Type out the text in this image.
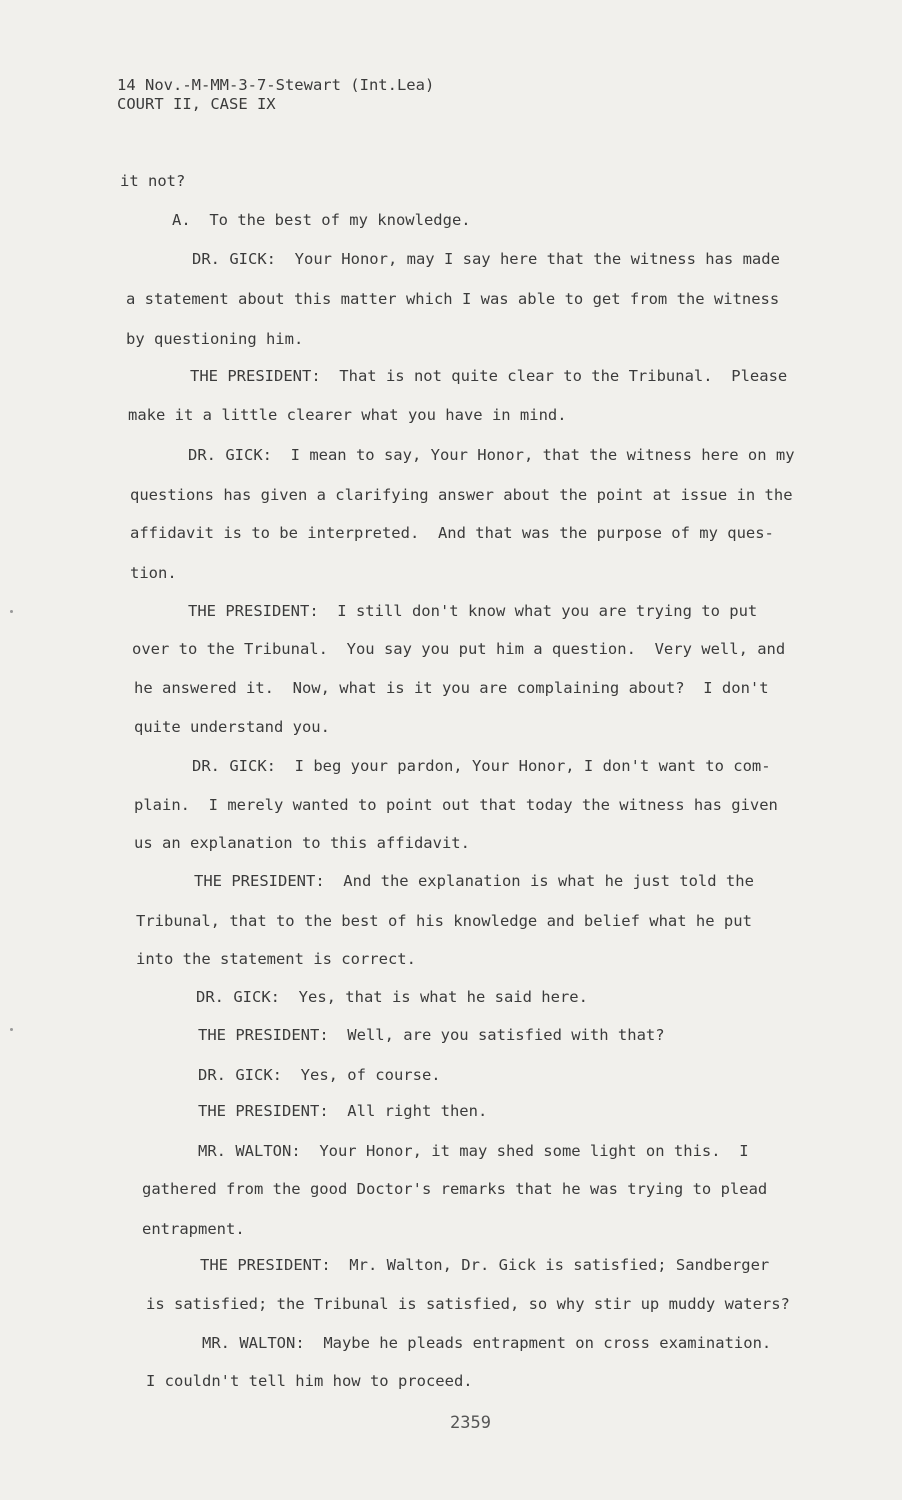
14 Nov.-M-MM-3-7-Stewart (Int.Lea)
COURT II, CASE IX
it not?
A.  To the best of my knowledge.
DR. GICK:  Your Honor, may I say here that the witness has made
a statement about this matter which I was able to get from the witness
by questioning him.
THE PRESIDENT:  That is not quite clear to the Tribunal.  Please
make it a little clearer what you have in mind.
DR. GICK:  I mean to say, Your Honor, that the witness here on my
questions has given a clarifying answer about the point at issue in the
affidavit is to be interpreted.  And that was the purpose of my ques-
tion.
THE PRESIDENT:  I still don't know what you are trying to put
over to the Tribunal.  You say you put him a question.  Very well, and
he answered it.  Now, what is it you are complaining about?  I don't
quite understand you.
DR. GICK:  I beg your pardon, Your Honor, I don't want to com-
plain.  I merely wanted to point out that today the witness has given
us an explanation to this affidavit.
THE PRESIDENT:  And the explanation is what he just told the
Tribunal, that to the best of his knowledge and belief what he put
into the statement is correct.
DR. GICK:  Yes, that is what he said here.
THE PRESIDENT:  Well, are you satisfied with that?
DR. GICK:  Yes, of course.
THE PRESIDENT:  All right then.
MR. WALTON:  Your Honor, it may shed some light on this.  I
gathered from the good Doctor's remarks that he was trying to plead
entrapment.
THE PRESIDENT:  Mr. Walton, Dr. Gick is satisfied; Sandberger
is satisfied; the Tribunal is satisfied, so why stir up muddy waters?
MR. WALTON:  Maybe he pleads entrapment on cross examination.
I couldn't tell him how to proceed.
2359
